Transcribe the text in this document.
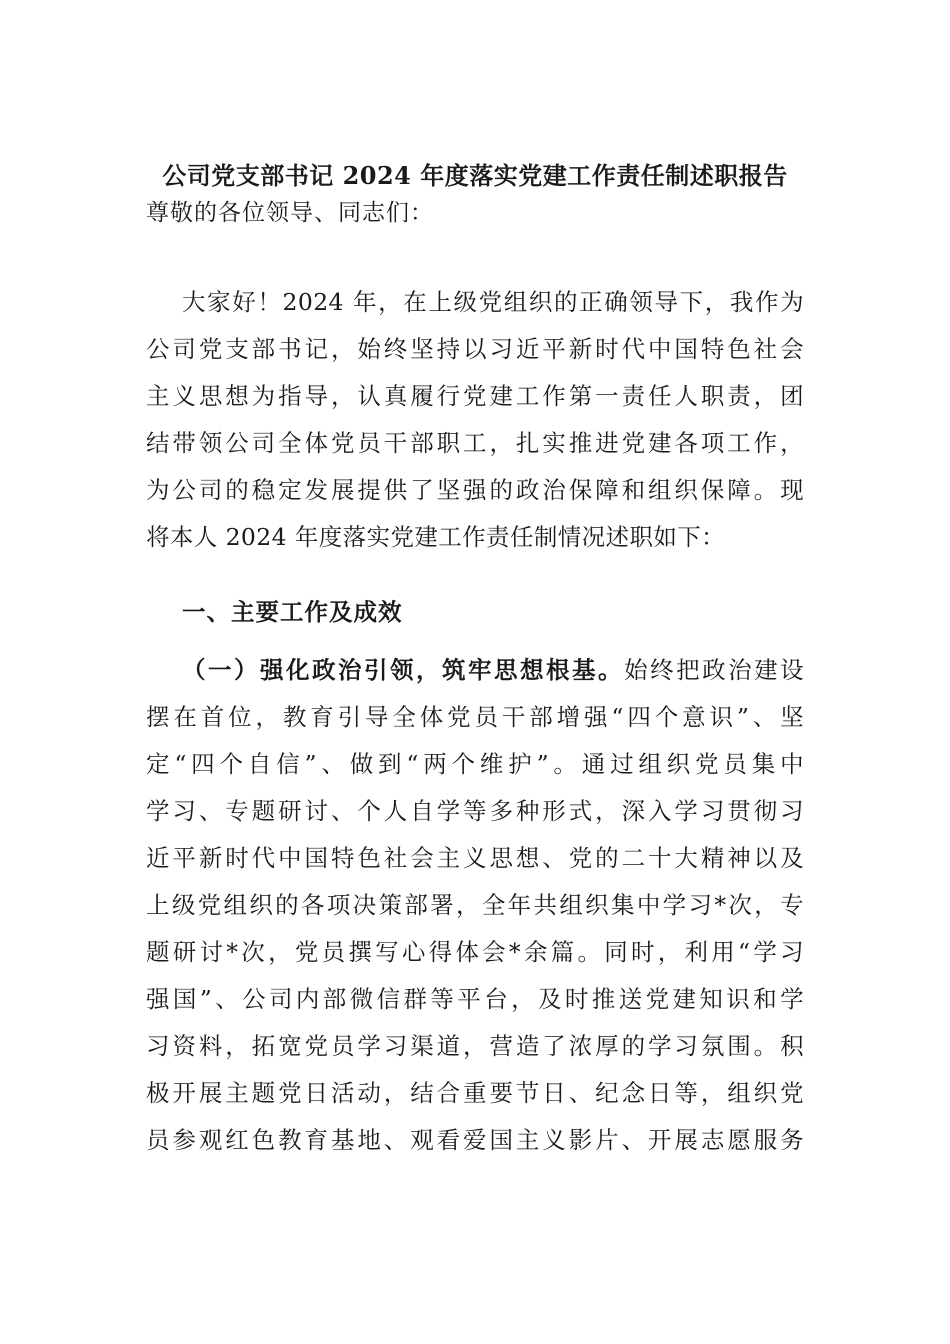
公司党支部书记 2024 年度落实党建工作责任制述职报告
尊敬的各位领导、同志们：
大家好！2024 年，在上级党组织的正确领导下，我作为
公司党支部书记，始终坚持以习近平新时代中国特色社会
主义思想为指导，认真履行党建工作第一责任人职责，团
结带领公司全体党员干部职工，扎实推进党建各项工作，
为公司的稳定发展提供了坚强的政治保障和组织保障。现
将本人 2024 年度落实党建工作责任制情况述职如下：
一、主要工作及成效
（一）强化政治引领，筑牢思想根基。始终把政治建设
摆在首位，教育引导全体党员干部增强“四个意识”、坚
定“四个自信”、做到“两个维护”。通过组织党员集中
学习、专题研讨、个人自学等多种形式，深入学习贯彻习
近平新时代中国特色社会主义思想、党的二十大精神以及
上级党组织的各项决策部署，全年共组织集中学习*次，专
题研讨*次，党员撰写心得体会*余篇。同时，利用“学习
强国”、公司内部微信群等平台，及时推送党建知识和学
习资料，拓宽党员学习渠道，营造了浓厚的学习氛围。积
极开展主题党日活动，结合重要节日、纪念日等，组织党
员参观红色教育基地、观看爱国主义影片、开展志愿服务
